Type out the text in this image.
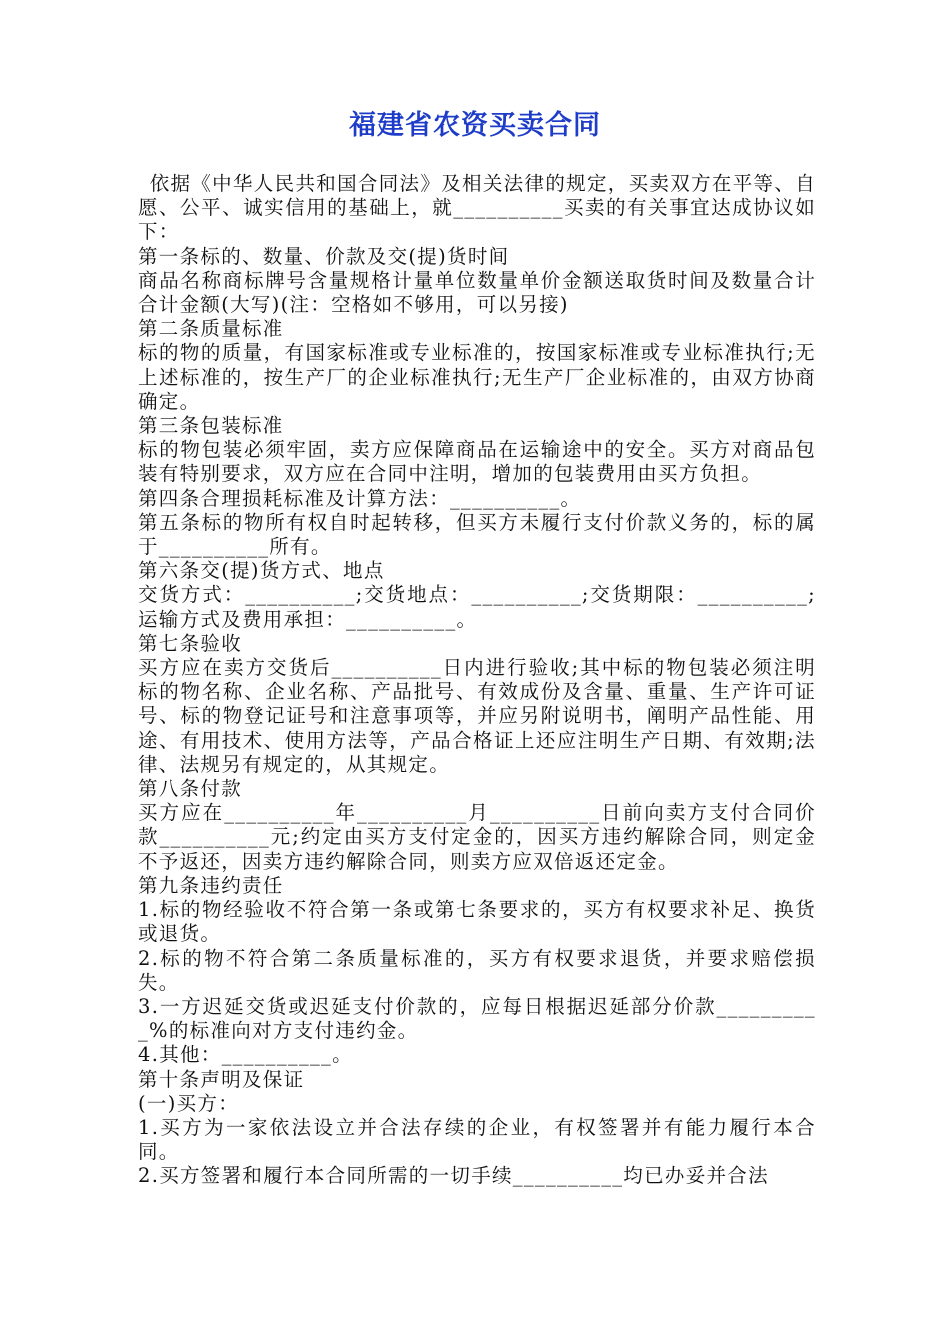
福建省农资买卖合同

依据《中华人民共和国合同法》及相关法律的规定，买卖双方在平等、自愿、公平、诚实信用的基础上，就__________买卖的有关事宜达成协议如下：

第一条标的、数量、价款及交(提)货时间

商品名称商标牌号含量规格计量单位数量单价金额送取货时间及数量合计　合计金额(大写)(注：空格如不够用，可以另接)

第二条质量标准

标的物的质量，有国家标准或专业标准的，按国家标准或专业标准执行;无上述标准的，按生产厂的企业标准执行;无生产厂企业标准的，由双方协商确定。

第三条包装标准

标的物包装必须牢固，卖方应保障商品在运输途中的安全。买方对商品包装有特别要求，双方应在合同中注明，增加的包装费用由买方负担。

第四条合理损耗标准及计算方法：__________。

第五条标的物所有权自时起转移，但买方未履行支付价款义务的，标的属于__________所有。

第六条交(提)货方式、地点

交货方式：__________;交货地点：__________;交货期限：__________;运输方式及费用承担：__________。

第七条验收

买方应在卖方交货后__________日内进行验收;其中标的物包装必须注明标的物名称、企业名称、产品批号、有效成份及含量、重量、生产许可证号、标的物登记证号和注意事项等，并应另附说明书，阐明产品性能、用途、有用技术、使用方法等，产品合格证上还应注明生产日期、有效期;法律、法规另有规定的，从其规定。

第八条付款

买方应在__________年__________月__________日前向卖方支付合同价款__________元;约定由买方支付定金的，因买方违约解除合同，则定金不予返还，因卖方违约解除合同，则卖方应双倍返还定金。

第九条违约责任

1.标的物经验收不符合第一条或第七条要求的，买方有权要求补足、换货或退货。

2.标的物不符合第二条质量标准的，买方有权要求退货，并要求赔偿损失。

3.一方迟延交货或迟延支付价款的，应每日根据迟延部分价款__________%的标准向对方支付违约金。

4.其他：__________。

第十条声明及保证

(一)买方：

1.买方为一家依法设立并合法存续的企业，有权签署并有能力履行本合同。

2.买方签署和履行本合同所需的一切手续__________均已办妥并合法
